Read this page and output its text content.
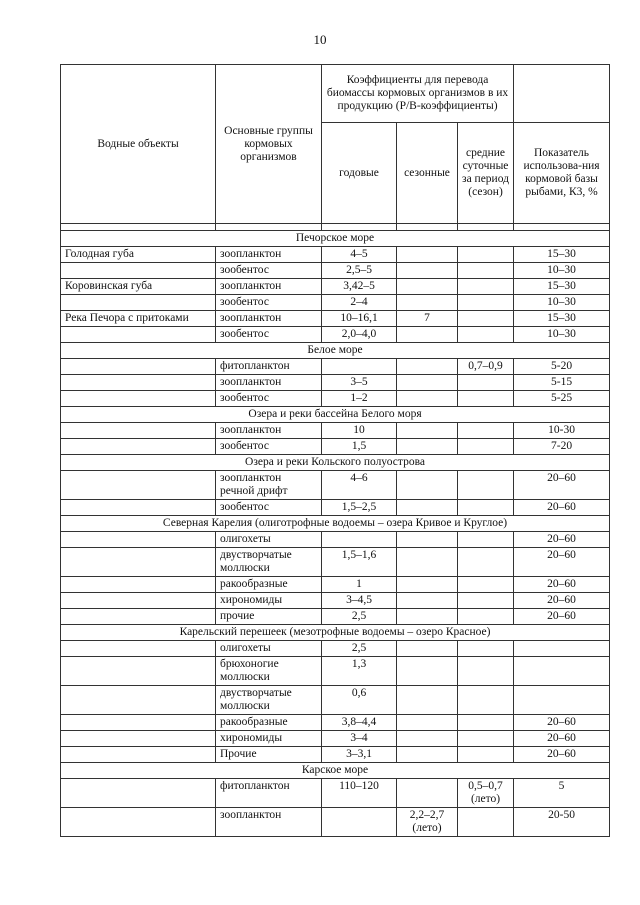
10
Водные объекты	Основные группы кормовых организмов	Коэффициенты для перевода биомассы кормовых организмов в их продукцию (Р/В-коэффициенты)			
		годовые	сезонные	средние суточные за период (сезон)	Показатель использова-ния кормовой базы рыбами, К3, %

Печорское море					
Голодная губа	зоопланктон	4–5			15–30
	зообентос	2,5–5			10–30
Коровинская губа	зоопланктон	3,42–5			15–30
	зообентос	2–4			10–30
Река Печора с притоками	зоопланктон	10–16,1	7		15–30
	зообентос	2,0–4,0			10–30
Белое море					
	фитопланктон			0,7–0,9	5-20
	зоопланктон	3–5			5-15
	зообентос	1–2			5-25
Озера и реки бассейна Белого моря					
	зоопланктон	10			10-30
	зообентос	1,5			7-20
Озера и реки Кольского полуострова					
	зоопланктон речной дрифт	4–6			20–60
	зообентос	1,5–2,5			20–60
Северная Карелия (олиготрофные водоемы – озера Кривое и Круглое)					
	олигохеты				20–60
	двустворчатые моллюски	1,5–1,6			20–60
	ракообразные	1			20–60
	хирономиды	3–4,5			20–60
	прочие	2,5			20–60
Карельский перешеек (мезотрофные водоемы – озеро Красное)					
	олигохеты	2,5			
	брюхоногие моллюски	1,3			
	двустворчатые моллюски	0,6			
	ракообразные	3,8–4,4			20–60
	хирономиды	3–4			20–60
	Прочие	3–3,1			20–60
Карское море					
	фитопланктон	110–120		0,5–0,7 (лето)	5
	зоопланктон		2,2–2,7 (лето)		20-50
